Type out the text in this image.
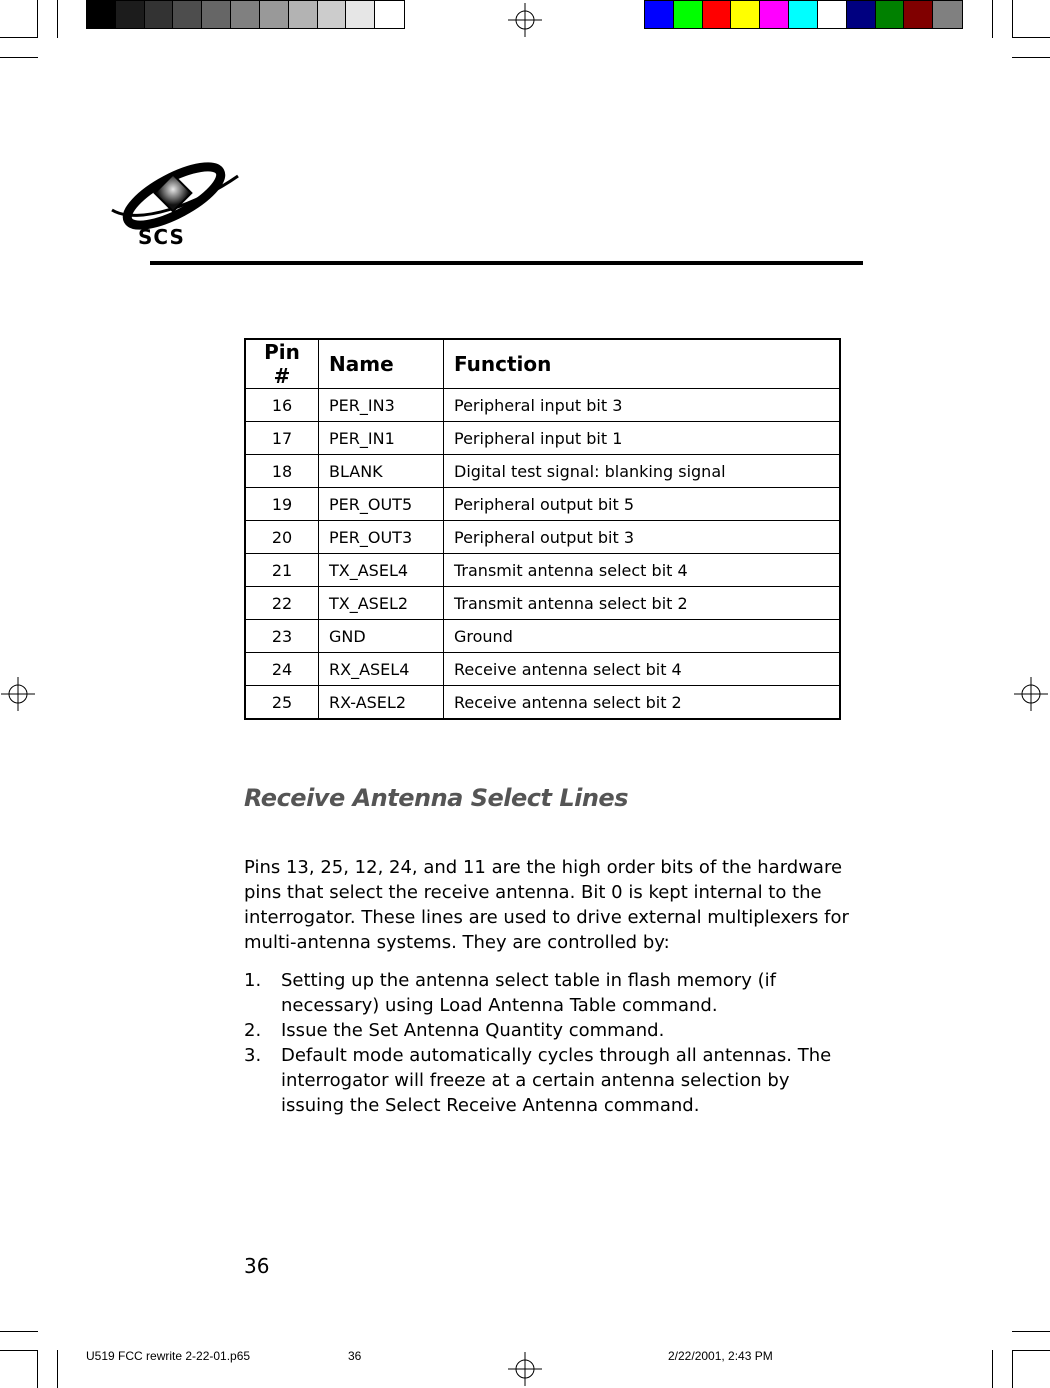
SCS
Pin #	Name	Function
16	PER_IN3	Peripheral input bit 3
17	PER_IN1	Peripheral input bit 1
18	BLANK	Digital test signal: blanking signal
19	PER_OUT5	Peripheral output bit 5
20	PER_OUT3	Peripheral output bit 3
21	TX_ASEL4	Transmit antenna select bit 4
22	TX_ASEL2	Transmit antenna select bit 2
23	GND	Ground
24	RX_ASEL4	Receive antenna select bit 4
25	RX-ASEL2	Receive antenna select bit 2
Receive Antenna Select Lines

Pins 13, 25, 12, 24, and 11 are the high order bits of the hardware pins that select the receive antenna. Bit 0 is kept internal to the interrogator. These lines are used to drive external multiplexers for multi-antenna systems. They are controlled by:

1. Setting up the antenna select table in flash memory (if necessary) using Load Antenna Table command.
2. Issue the Set Antenna Quantity command.
3. Default mode automatically cycles through all antennas. The interrogator will freeze at a certain antenna selection by issuing the Select Receive Antenna command.
36
U519 FCC rewrite 2-22-01.p65	36	2/22/2001, 2:43 PM
